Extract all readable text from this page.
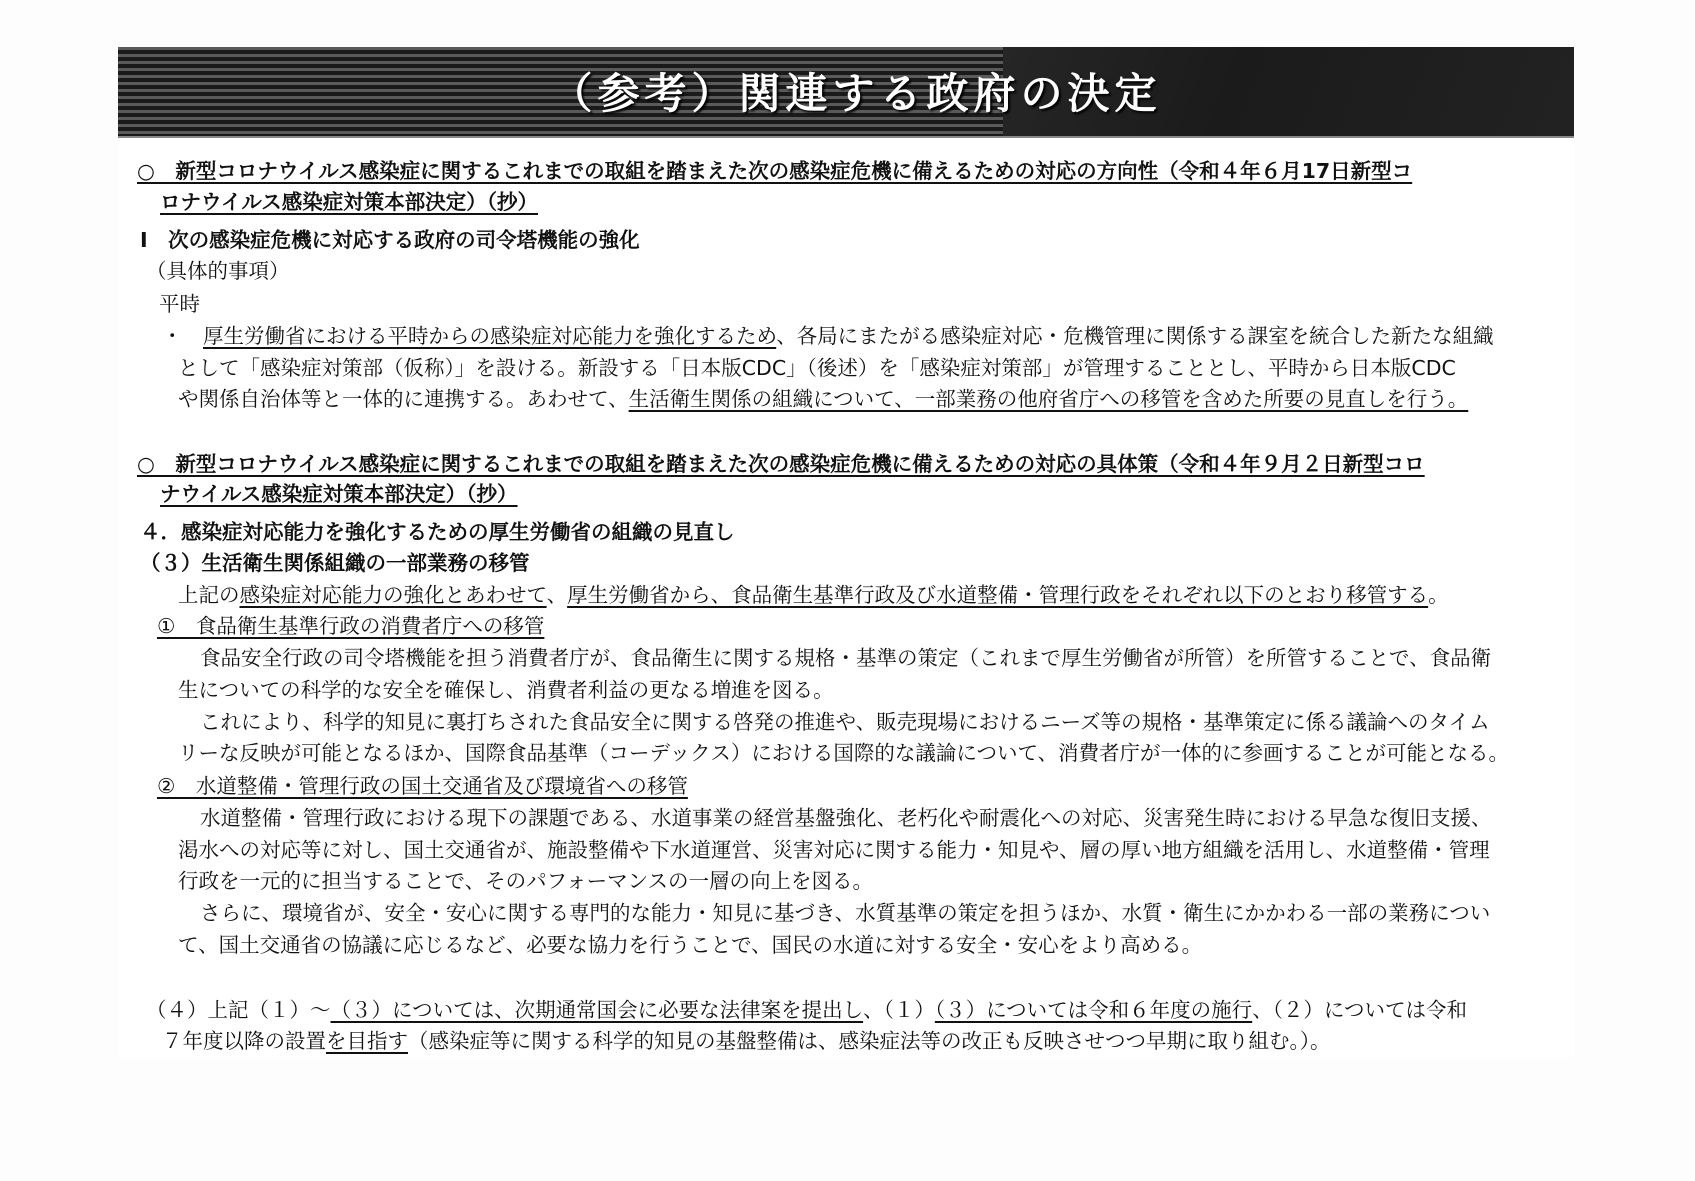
（参考）関連する政府の決定
○　新型コロナウイルス感染症に関するこれまでの取組を踏まえた次の感染症危機に備えるための対応の方向性（令和４年６月17日新型コ
ロナウイルス感染症対策本部決定）（抄）
Ⅰ　次の感染症危機に対応する政府の司令塔機能の強化
（具体的事項）
平時
・　厚生労働省における平時からの感染症対応能力を強化するため、各局にまたがる感染症対応・危機管理に関係する課室を統合した新たな組織
として「感染症対策部（仮称）」を設ける。新設する「日本版CDC」（後述）を「感染症対策部」が管理することとし、平時から日本版CDC
や関係自治体等と一体的に連携する。あわせて、生活衛生関係の組織について、一部業務の他府省庁への移管を含めた所要の見直しを行う。
○　新型コロナウイルス感染症に関するこれまでの取組を踏まえた次の感染症危機に備えるための対応の具体策（令和４年９月２日新型コロ
ナウイルス感染症対策本部決定）（抄）
４．感染症対応能力を強化するための厚生労働省の組織の見直し
（３）生活衛生関係組織の一部業務の移管
上記の感染症対応能力の強化とあわせて、厚生労働省から、食品衛生基準行政及び水道整備・管理行政をそれぞれ以下のとおり移管する。
①　食品衛生基準行政の消費者庁への移管
食品安全行政の司令塔機能を担う消費者庁が、食品衛生に関する規格・基準の策定（これまで厚生労働省が所管）を所管することで、食品衛
生についての科学的な安全を確保し、消費者利益の更なる増進を図る。
これにより、科学的知見に裏打ちされた食品安全に関する啓発の推進や、販売現場におけるニーズ等の規格・基準策定に係る議論へのタイム
リーな反映が可能となるほか、国際食品基準（コーデックス）における国際的な議論について、消費者庁が一体的に参画することが可能となる。
②　水道整備・管理行政の国土交通省及び環境省への移管
水道整備・管理行政における現下の課題である、水道事業の経営基盤強化、老朽化や耐震化への対応、災害発生時における早急な復旧支援、
渇水への対応等に対し、国土交通省が、施設整備や下水道運営、災害対応に関する能力・知見や、層の厚い地方組織を活用し、水道整備・管理
行政を一元的に担当することで、そのパフォーマンスの一層の向上を図る。
さらに、環境省が、安全・安心に関する専門的な能力・知見に基づき、水質基準の策定を担うほか、水質・衛生にかかわる一部の業務につい
て、国土交通省の協議に応じるなど、必要な協力を行うことで、国民の水道に対する安全・安心をより高める。
（４）上記（１）～（３）については、次期通常国会に必要な法律案を提出し、（１）（３）については令和６年度の施行、（２）については令和
７年度以降の設置を目指す（感染症等に関する科学的知見の基盤整備は、感染症法等の改正も反映させつつ早期に取り組む。）。
